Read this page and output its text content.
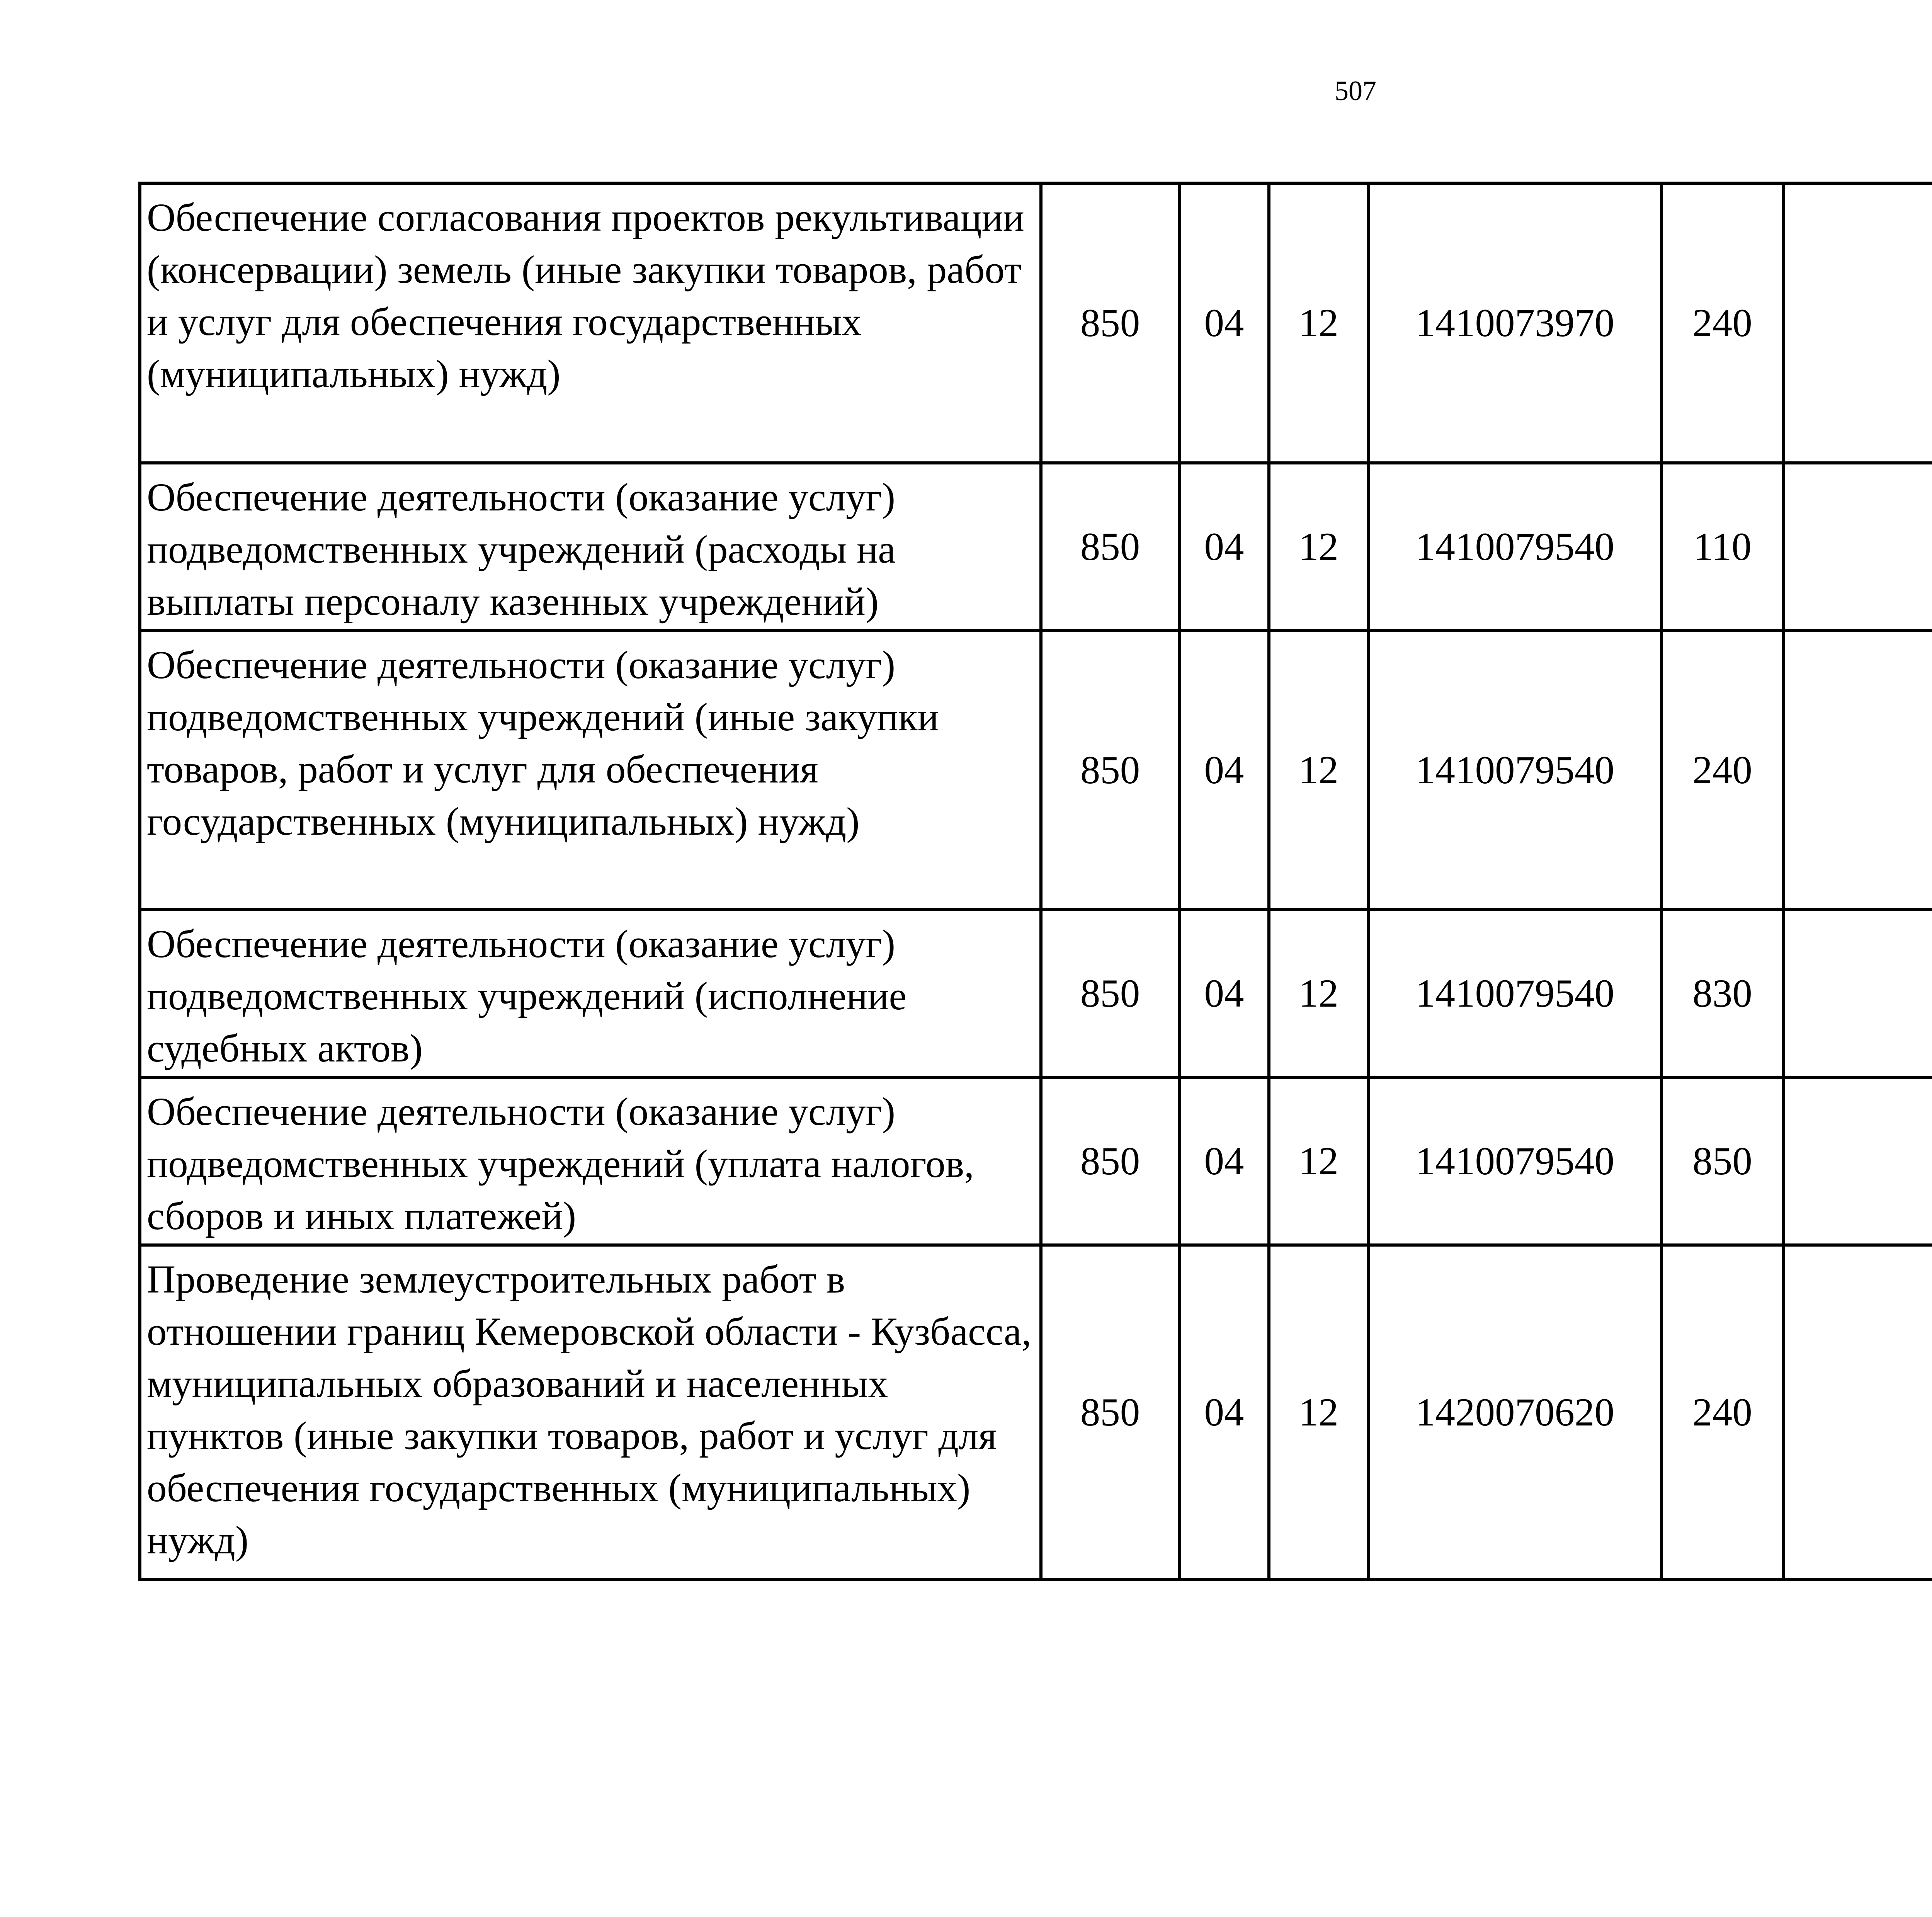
507
Обеспечение согласования проектов рекультивации (консервации) земель (иные закупки товаров, работ и услуг для обеспечения государственных (муниципальных) нужд)	850	04	12	1410073970	240			
Обеспечение деятельности (оказание услуг) подведомственных учреждений (расходы на выплаты персоналу казенных учреждений)	850	04	12	1410079540	110			
Обеспечение деятельности (оказание услуг) подведомственных учреждений (иные закупки товаров, работ и услуг для обеспечения государственных (муниципальных) нужд)	850	04	12	1410079540	240			
Обеспечение деятельности (оказание услуг) подведомственных учреждений (исполнение судебных актов)	850	04	12	1410079540	830			
Обеспечение деятельности (оказание услуг) подведомственных учреждений (уплата налогов, сборов и иных платежей)	850	04	12	1410079540	850			
Проведение землеустроительных работ в отношении границ Кемеровской области - Кузбасса, муниципальных образований и населенных пунктов (иные закупки товаров, работ и услуг для обеспечения государственных (муниципальных) нужд)	850	04	12	1420070620	240			
